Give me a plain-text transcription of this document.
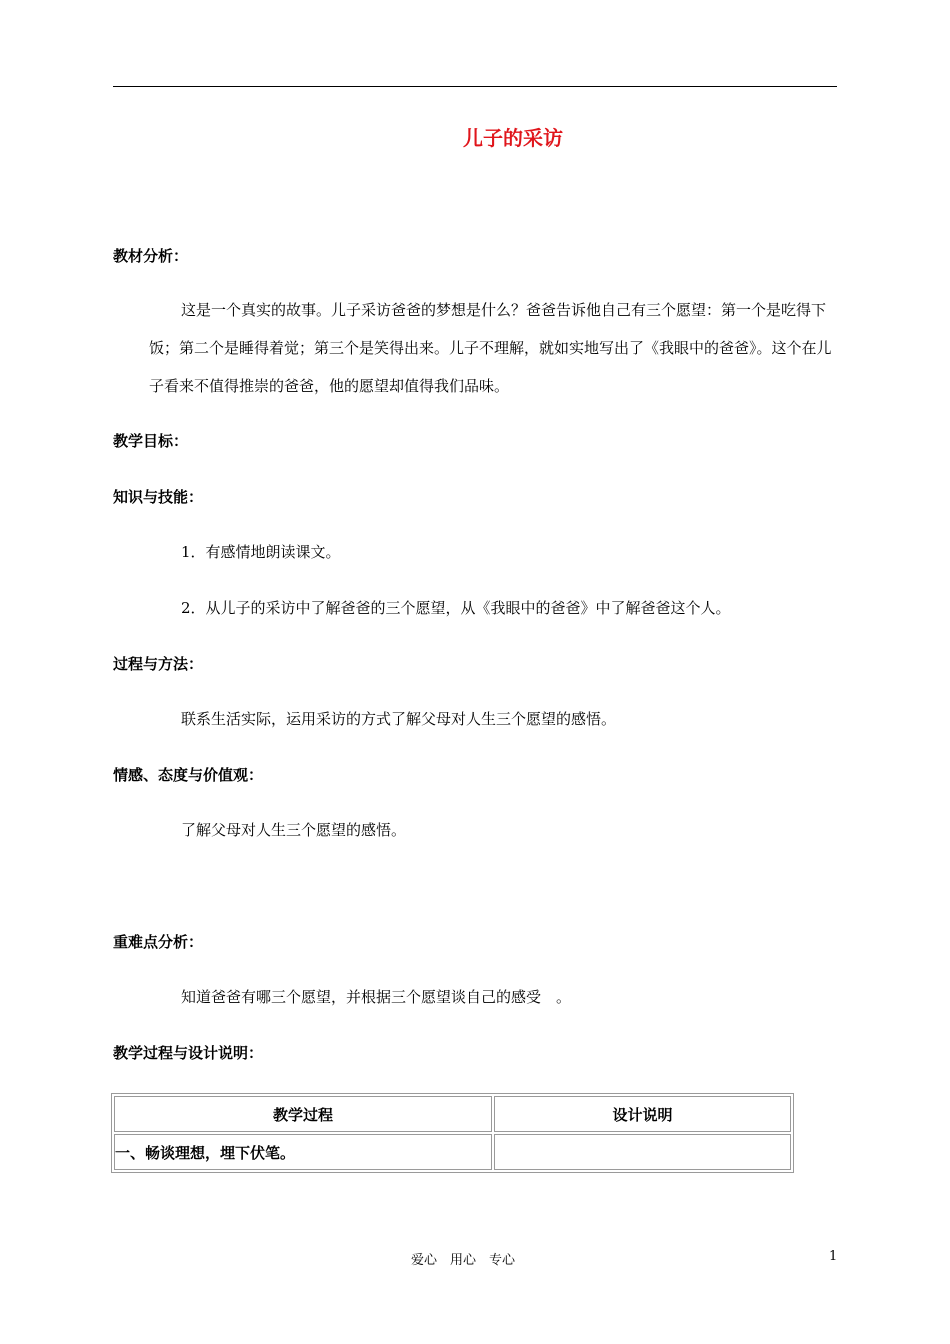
儿子的采访
教材分析：
这是一个真实的故事。儿子采访爸爸的梦想是什么？爸爸告诉他自己有三个愿望：第一个是吃得下饭；第二个是睡得着觉；第三个是笑得出来。儿子不理解，就如实地写出了《我眼中的爸爸》。这个在儿子看来不值得推崇的爸爸，他的愿望却值得我们品味。
教学目标：
知识与技能：
1．有感情地朗读课文。
2．从儿子的采访中了解爸爸的三个愿望，从《我眼中的爸爸》中了解爸爸这个人。
过程与方法：
联系生活实际，运用采访的方式了解父母对人生三个愿望的感悟。
情感、态度与价值观：
了解父母对人生三个愿望的感悟。
重难点分析：
知道爸爸有哪三个愿望，并根据三个愿望谈自己的感受　。
教学过程与设计说明：
教学过程	设计说明
一、畅谈理想，埋下伏笔。	
爱心　用心　专心	1
